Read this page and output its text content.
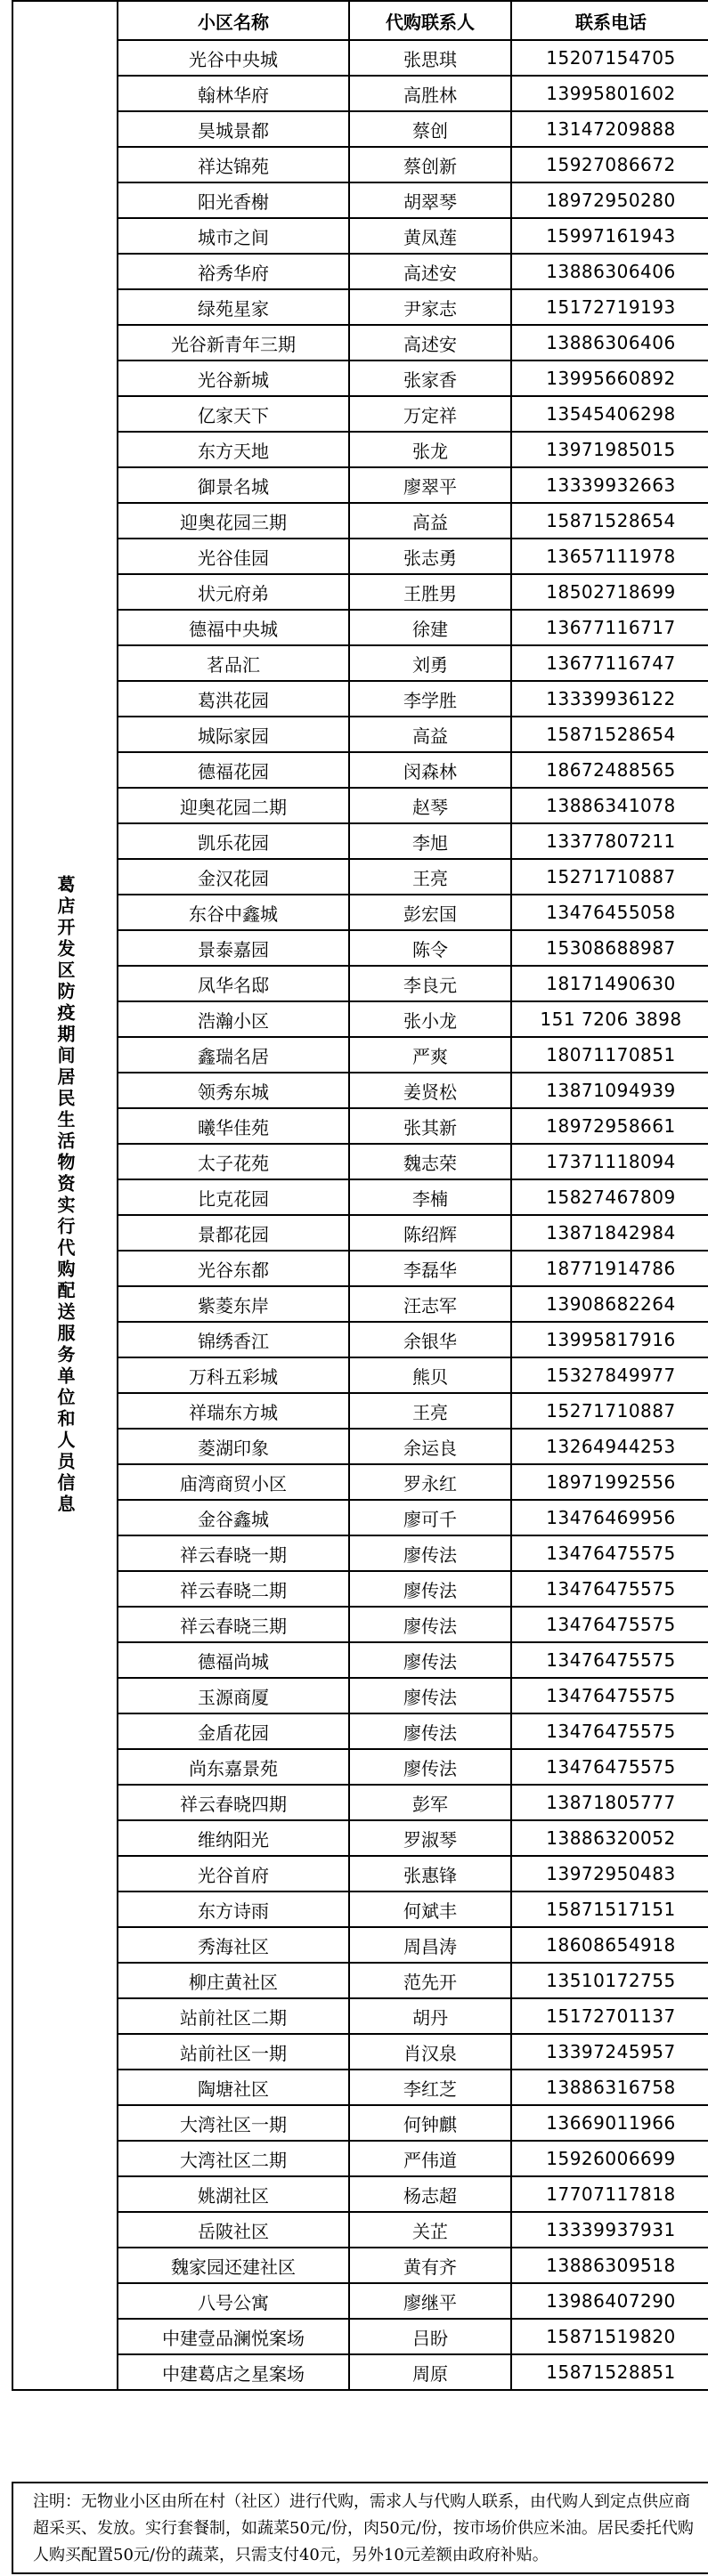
葛店开发区防疫期间居民生活物资实行代购配送服务单位和人员信息	小区名称	代购联系人	联系电话
	光谷中央城	张思琪	15207154705
	翰林华府	高胜林	13995801602
	昊城景都	蔡创	13147209888
	祥达锦苑	蔡创新	15927086672
	阳光香榭	胡翠琴	18972950280
	城市之间	黄凤莲	15997161943
	裕秀华府	高述安	13886306406
	绿苑星家	尹家志	15172719193
	光谷新青年三期	高述安	13886306406
	光谷新城	张家香	13995660892
	亿家天下	万定祥	13545406298
	东方天地	张龙	13971985015
	御景名城	廖翠平	13339932663
	迎奥花园三期	高益	15871528654
	光谷佳园	张志勇	13657111978
	状元府弟	王胜男	18502718699
	德福中央城	徐建	13677116717
	茗品汇	刘勇	13677116747
	葛洪花园	李学胜	13339936122
	城际家园	高益	15871528654
	德福花园	闵森林	18672488565
	迎奥花园二期	赵琴	13886341078
	凯乐花园	李旭	13377807211
	金汉花园	王亮	15271710887
	东谷中鑫城	彭宏国	13476455058
	景泰嘉园	陈令	15308688987
	凤华名邸	李良元	18171490630
	浩瀚小区	张小龙	151 7206 3898
	鑫瑞名居	严爽	18071170851
	领秀东城	姜贤松	13871094939
	曦华佳苑	张其新	18972958661
	太子花苑	魏志荣	17371118094
	比克花园	李楠	15827467809
	景都花园	陈绍辉	13871842984
	光谷东都	李磊华	18771914786
	紫菱东岸	汪志军	13908682264
	锦绣香江	余银华	13995817916
	万科五彩城	熊贝	15327849977
	祥瑞东方城	王亮	15271710887
	菱湖印象	余运良	13264944253
	庙湾商贸小区	罗永红	18971992556
	金谷鑫城	廖可千	13476469956
	祥云春晓一期	廖传法	13476475575
	祥云春晓二期	廖传法	13476475575
	祥云春晓三期	廖传法	13476475575
	德福尚城	廖传法	13476475575
	玉源商厦	廖传法	13476475575
	金盾花园	廖传法	13476475575
	尚东嘉景苑	廖传法	13476475575
	祥云春晓四期	彭军	13871805777
	维纳阳光	罗淑琴	13886320052
	光谷首府	张惠锋	13972950483
	东方诗雨	何斌丰	15871517151
	秀海社区	周昌涛	18608654918
	柳庄黄社区	范先开	13510172755
	站前社区二期	胡丹	15172701137
	站前社区一期	肖汉泉	13397245957
	陶塘社区	李红芝	13886316758
	大湾社区一期	何钟麒	13669011966
	大湾社区二期	严伟道	15926006699
	姚湖社区	杨志超	17707117818
	岳陂社区	关芷	13339937931
	魏家园还建社区	黄有齐	13886309518
	八号公寓	廖继平	13986407290
	中建壹品澜悦案场	吕盼	15871519820
	中建葛店之星案场	周原	15871528851
注明：无物业小区由所在村（社区）进行代购，需求人与代购人联系，由代购人到定点供应商超采买、发放。实行套餐制，如蔬菜50元/份，肉50元/份，按市场价供应米油。居民委托代购人购买配置50元/份的蔬菜，只需支付40元，另外10元差额由政府补贴。
